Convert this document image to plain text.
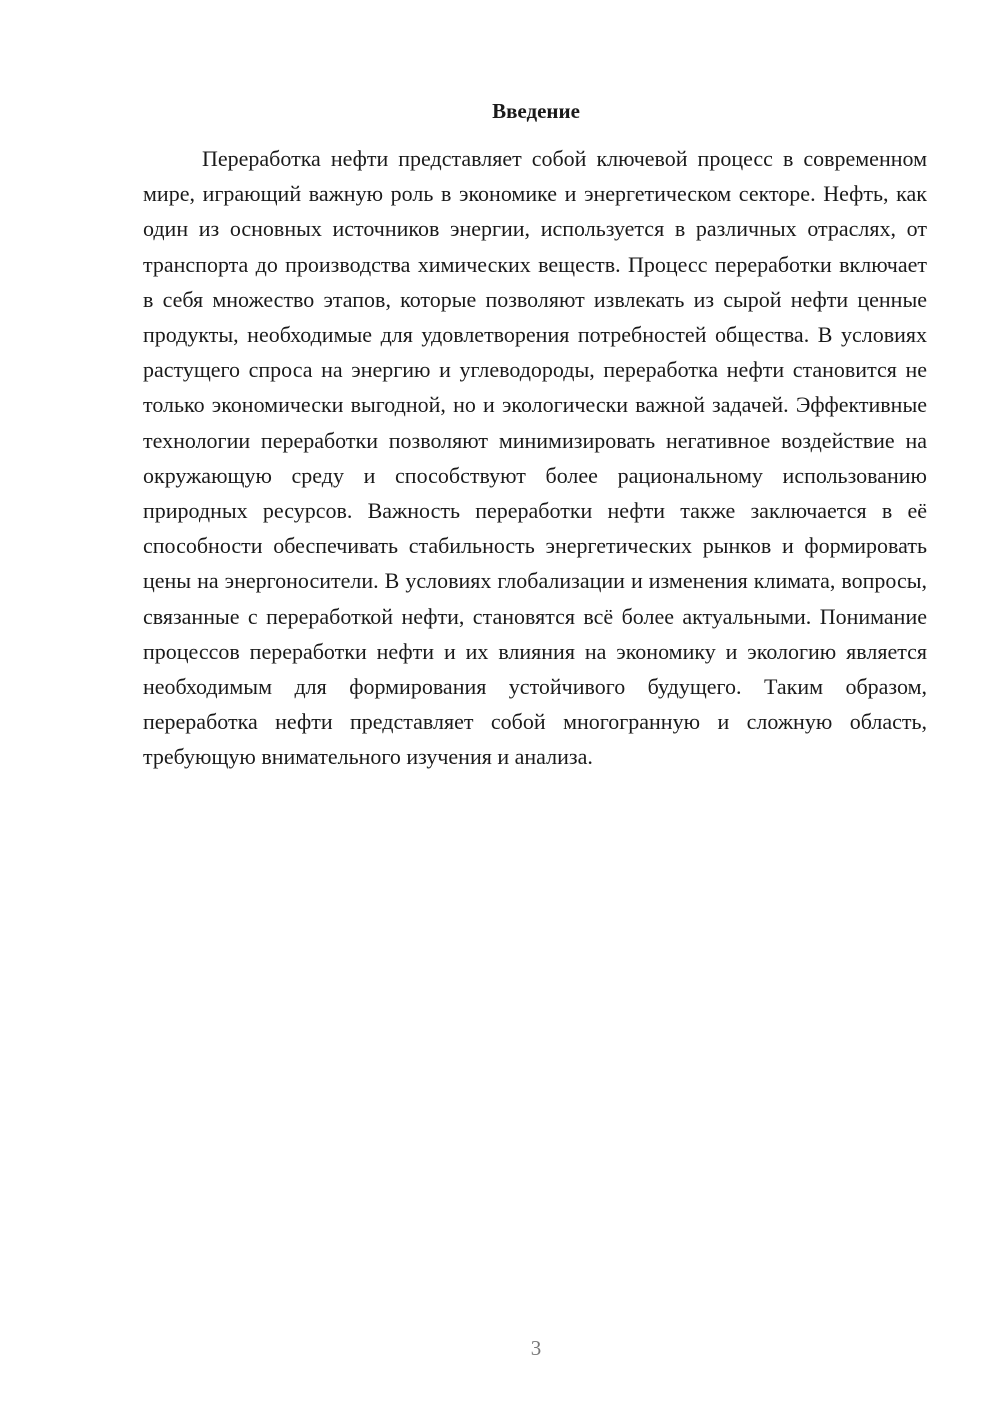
Введение

Переработка нефти представляет собой ключевой процесс в современном мире, играющий важную роль в экономике и энергетическом секторе. Нефть, как один из основных источников энергии, используется в различных отраслях, от транспорта до производства химических веществ. Процесс переработки включает в себя множество этапов, которые позволяют извлекать из сырой нефти ценные продукты, необходимые для удовлетворения потребностей общества. В условиях растущего спроса на энергию и углеводороды, переработка нефти становится не только экономически выгодной, но и экологически важной задачей. Эффективные технологии переработки позволяют минимизировать негативное воздействие на окружающую среду и способствуют более рациональному использованию природных ресурсов. Важность переработки нефти также заключается в её способности обеспечивать стабильность энергетических рынков и формировать цены на энергоносители. В условиях глобализации и изменения климата, вопросы, связанные с переработкой нефти, становятся всё более актуальными. Понимание процессов переработки нефти и их влияния на экономику и экологию является необходимым для формирования устойчивого будущего. Таким образом, переработка нефти представляет собой многогранную и сложную область, требующую внимательного изучения и анализа.

3
